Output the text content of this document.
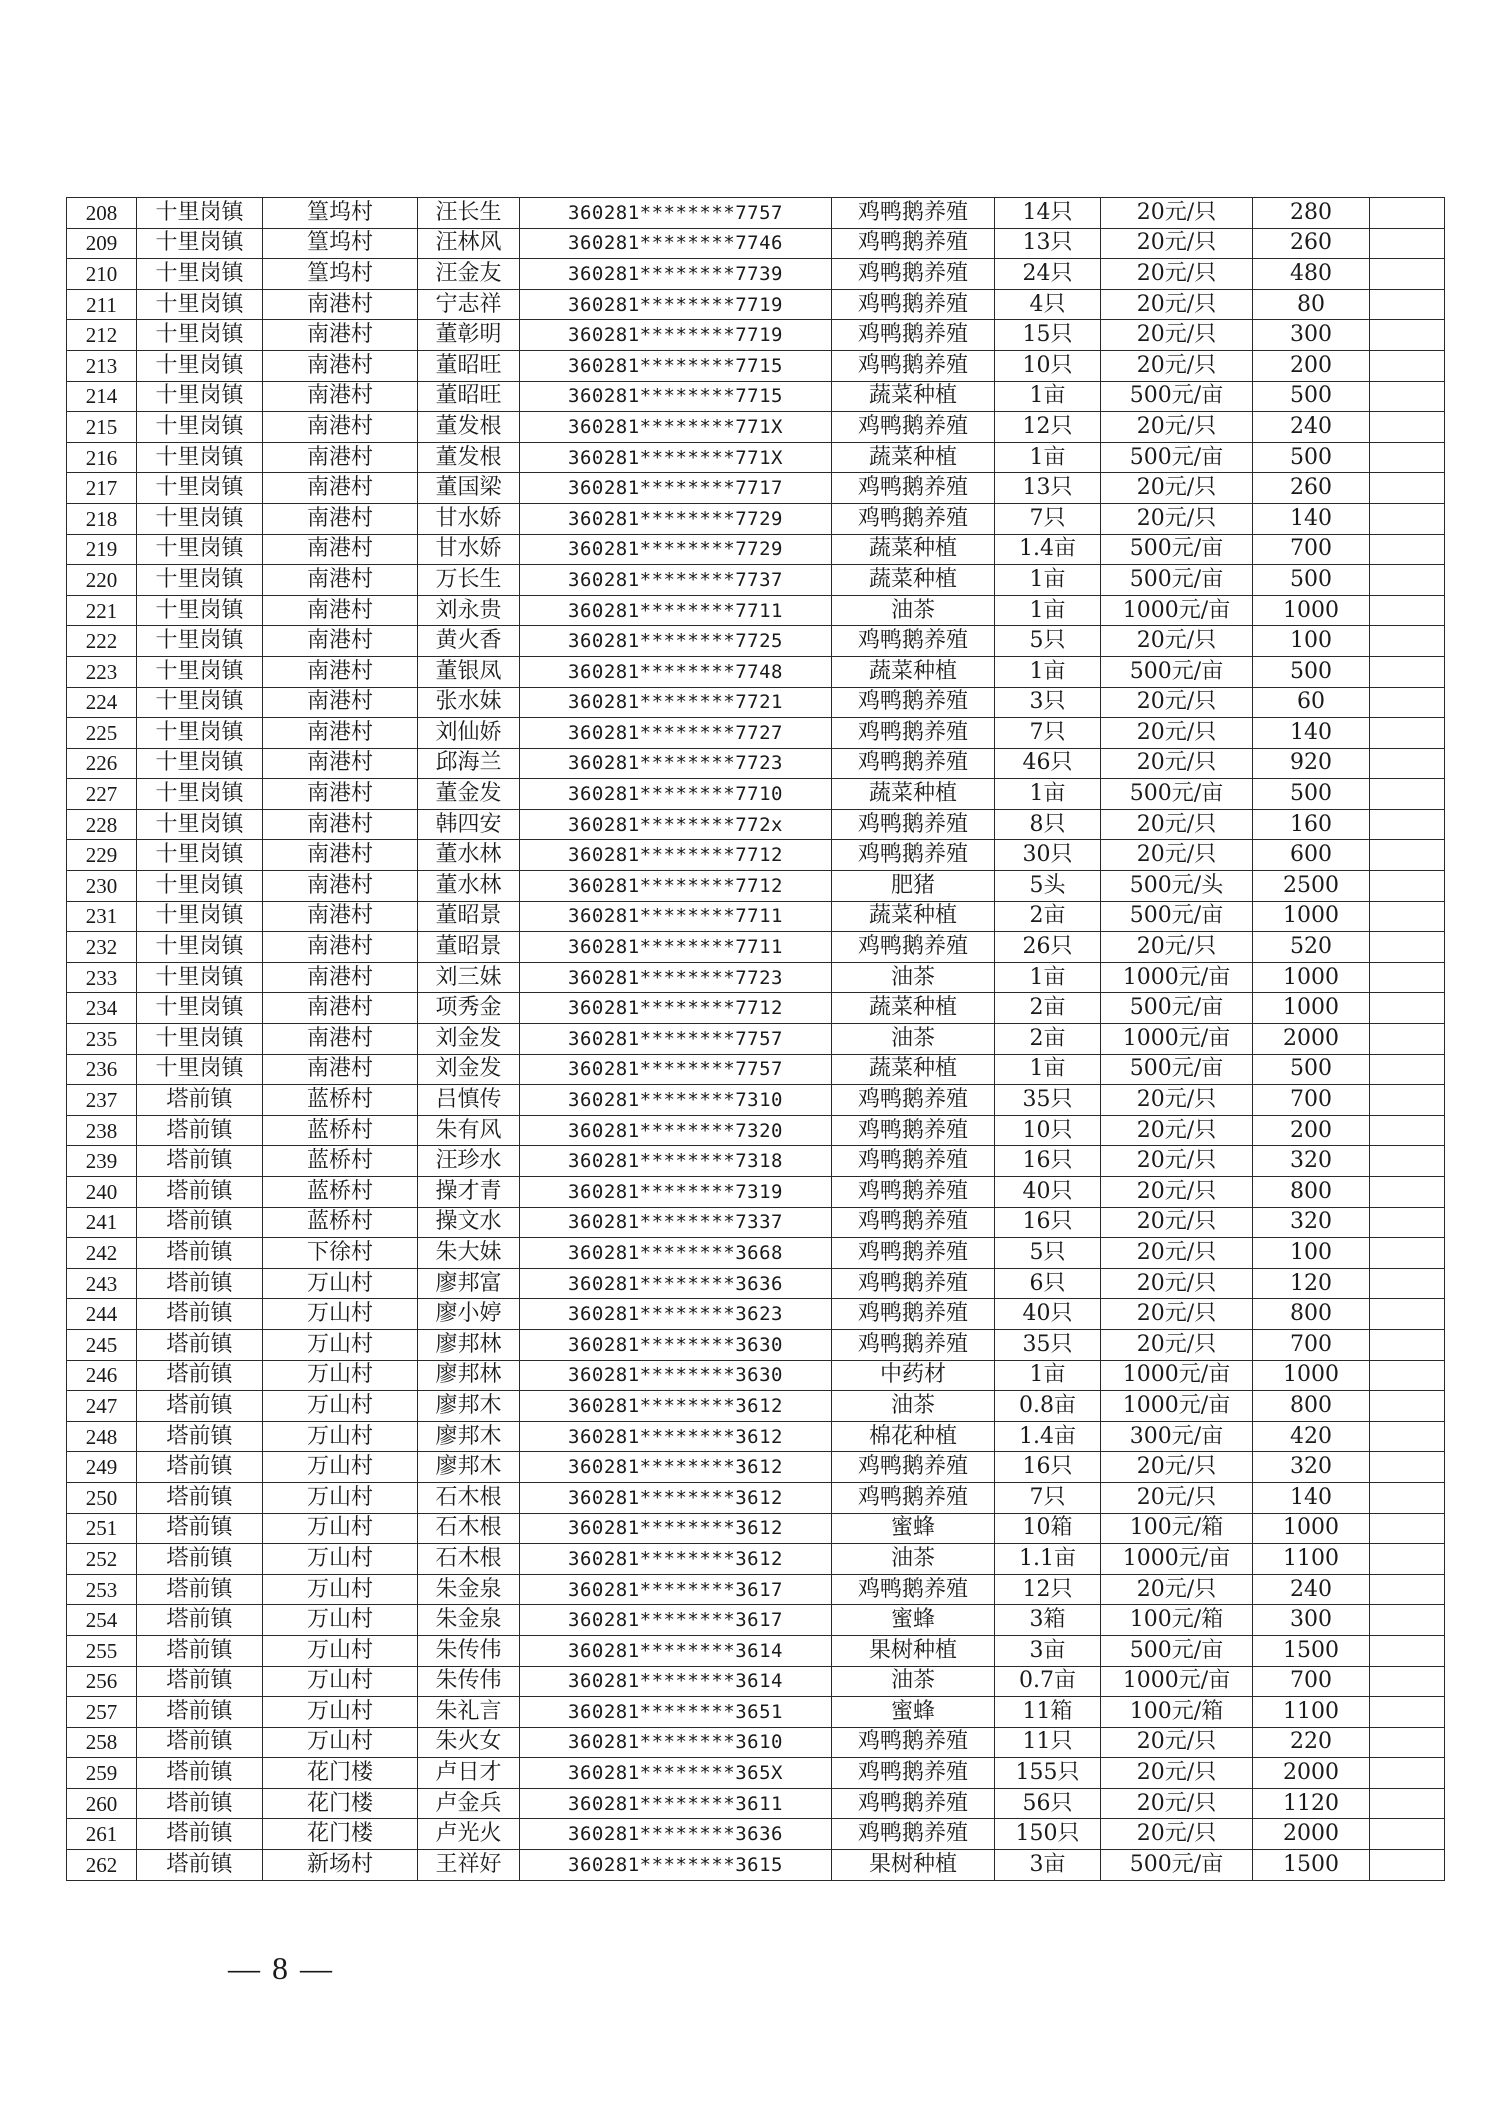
208	十里岗镇	篁坞村	汪长生	360281********7757	鸡鸭鹅养殖	14只	20元/只	280	
209	十里岗镇	篁坞村	汪林风	360281********7746	鸡鸭鹅养殖	13只	20元/只	260	
210	十里岗镇	篁坞村	汪金友	360281********7739	鸡鸭鹅养殖	24只	20元/只	480	
211	十里岗镇	南港村	宁志祥	360281********7719	鸡鸭鹅养殖	4只	20元/只	80	
212	十里岗镇	南港村	董彰明	360281********7719	鸡鸭鹅养殖	15只	20元/只	300	
213	十里岗镇	南港村	董昭旺	360281********7715	鸡鸭鹅养殖	10只	20元/只	200	
214	十里岗镇	南港村	董昭旺	360281********7715	蔬菜种植	1亩	500元/亩	500	
215	十里岗镇	南港村	董发根	360281********771X	鸡鸭鹅养殖	12只	20元/只	240	
216	十里岗镇	南港村	董发根	360281********771X	蔬菜种植	1亩	500元/亩	500	
217	十里岗镇	南港村	董国梁	360281********7717	鸡鸭鹅养殖	13只	20元/只	260	
218	十里岗镇	南港村	甘水娇	360281********7729	鸡鸭鹅养殖	7只	20元/只	140	
219	十里岗镇	南港村	甘水娇	360281********7729	蔬菜种植	1.4亩	500元/亩	700	
220	十里岗镇	南港村	万长生	360281********7737	蔬菜种植	1亩	500元/亩	500	
221	十里岗镇	南港村	刘永贵	360281********7711	油茶	1亩	1000元/亩	1000	
222	十里岗镇	南港村	黄火香	360281********7725	鸡鸭鹅养殖	5只	20元/只	100	
223	十里岗镇	南港村	董银凤	360281********7748	蔬菜种植	1亩	500元/亩	500	
224	十里岗镇	南港村	张水妹	360281********7721	鸡鸭鹅养殖	3只	20元/只	60	
225	十里岗镇	南港村	刘仙娇	360281********7727	鸡鸭鹅养殖	7只	20元/只	140	
226	十里岗镇	南港村	邱海兰	360281********7723	鸡鸭鹅养殖	46只	20元/只	920	
227	十里岗镇	南港村	董金发	360281********7710	蔬菜种植	1亩	500元/亩	500	
228	十里岗镇	南港村	韩四安	360281********772x	鸡鸭鹅养殖	8只	20元/只	160	
229	十里岗镇	南港村	董水林	360281********7712	鸡鸭鹅养殖	30只	20元/只	600	
230	十里岗镇	南港村	董水林	360281********7712	肥猪	5头	500元/头	2500	
231	十里岗镇	南港村	董昭景	360281********7711	蔬菜种植	2亩	500元/亩	1000	
232	十里岗镇	南港村	董昭景	360281********7711	鸡鸭鹅养殖	26只	20元/只	520	
233	十里岗镇	南港村	刘三妹	360281********7723	油茶	1亩	1000元/亩	1000	
234	十里岗镇	南港村	项秀金	360281********7712	蔬菜种植	2亩	500元/亩	1000	
235	十里岗镇	南港村	刘金发	360281********7757	油茶	2亩	1000元/亩	2000	
236	十里岗镇	南港村	刘金发	360281********7757	蔬菜种植	1亩	500元/亩	500	
237	塔前镇	蓝桥村	吕慎传	360281********7310	鸡鸭鹅养殖	35只	20元/只	700	
238	塔前镇	蓝桥村	朱有风	360281********7320	鸡鸭鹅养殖	10只	20元/只	200	
239	塔前镇	蓝桥村	汪珍水	360281********7318	鸡鸭鹅养殖	16只	20元/只	320	
240	塔前镇	蓝桥村	操才青	360281********7319	鸡鸭鹅养殖	40只	20元/只	800	
241	塔前镇	蓝桥村	操文水	360281********7337	鸡鸭鹅养殖	16只	20元/只	320	
242	塔前镇	下徐村	朱大妹	360281********3668	鸡鸭鹅养殖	5只	20元/只	100	
243	塔前镇	万山村	廖邦富	360281********3636	鸡鸭鹅养殖	6只	20元/只	120	
244	塔前镇	万山村	廖小婷	360281********3623	鸡鸭鹅养殖	40只	20元/只	800	
245	塔前镇	万山村	廖邦林	360281********3630	鸡鸭鹅养殖	35只	20元/只	700	
246	塔前镇	万山村	廖邦林	360281********3630	中药材	1亩	1000元/亩	1000	
247	塔前镇	万山村	廖邦木	360281********3612	油茶	0.8亩	1000元/亩	800	
248	塔前镇	万山村	廖邦木	360281********3612	棉花种植	1.4亩	300元/亩	420	
249	塔前镇	万山村	廖邦木	360281********3612	鸡鸭鹅养殖	16只	20元/只	320	
250	塔前镇	万山村	石木根	360281********3612	鸡鸭鹅养殖	7只	20元/只	140	
251	塔前镇	万山村	石木根	360281********3612	蜜蜂	10箱	100元/箱	1000	
252	塔前镇	万山村	石木根	360281********3612	油茶	1.1亩	1000元/亩	1100	
253	塔前镇	万山村	朱金泉	360281********3617	鸡鸭鹅养殖	12只	20元/只	240	
254	塔前镇	万山村	朱金泉	360281********3617	蜜蜂	3箱	100元/箱	300	
255	塔前镇	万山村	朱传伟	360281********3614	果树种植	3亩	500元/亩	1500	
256	塔前镇	万山村	朱传伟	360281********3614	油茶	0.7亩	1000元/亩	700	
257	塔前镇	万山村	朱礼言	360281********3651	蜜蜂	11箱	100元/箱	1100	
258	塔前镇	万山村	朱火女	360281********3610	鸡鸭鹅养殖	11只	20元/只	220	
259	塔前镇	花门楼	卢日才	360281********365X	鸡鸭鹅养殖	155只	20元/只	2000	
260	塔前镇	花门楼	卢金兵	360281********3611	鸡鸭鹅养殖	56只	20元/只	1120	
261	塔前镇	花门楼	卢光火	360281********3636	鸡鸭鹅养殖	150只	20元/只	2000	
262	塔前镇	新场村	王祥好	360281********3615	果树种植	3亩	500元/亩	1500	
— 8 —
